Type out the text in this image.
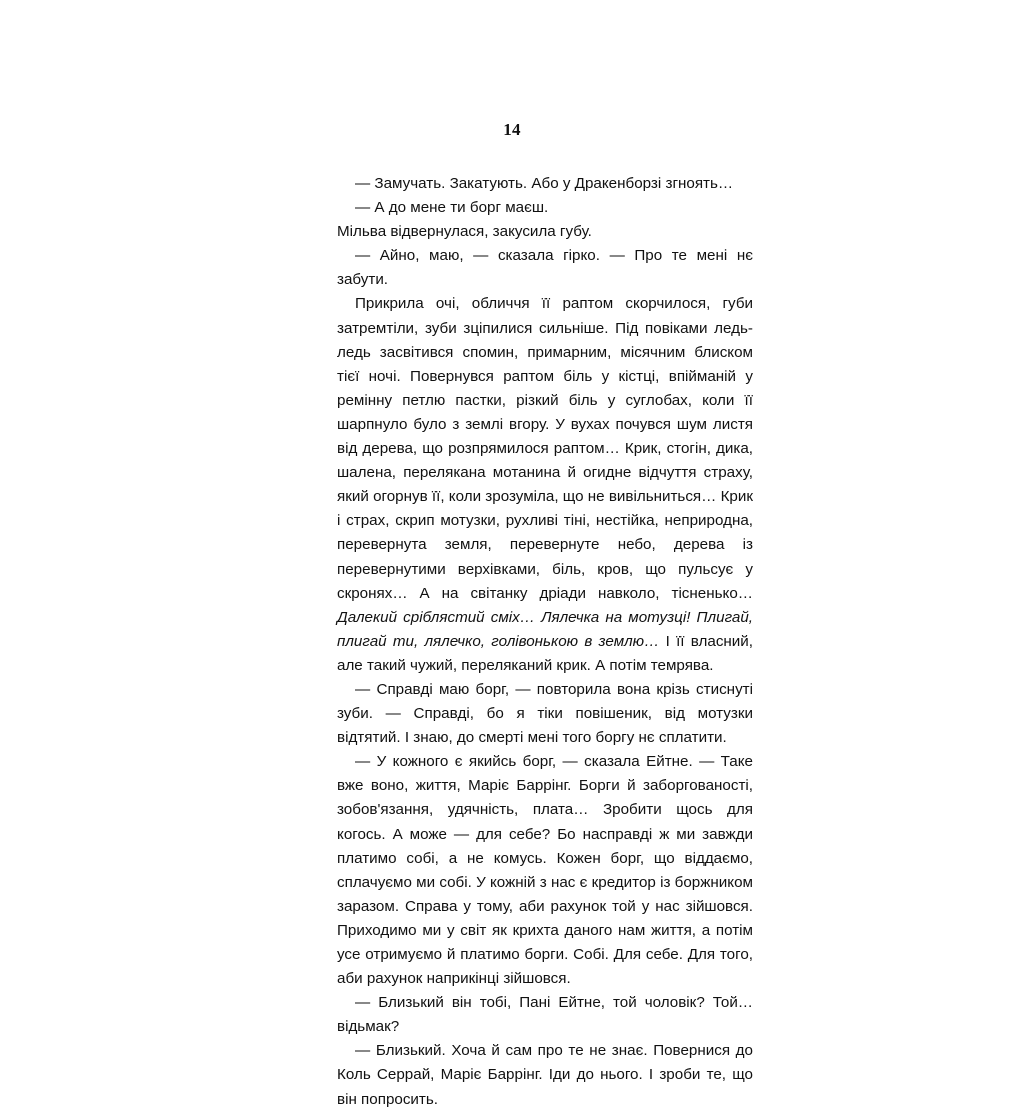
14

— Замучать. Закатують. Або у Дракенборзі згноять…

— А до мене ти борг маєш.

Мільва відвернулася, закусила губу.

— Айно, маю, — сказала гірко. — Про те мені нє забути.

Прикрила очі, обличчя її раптом скорчилося, губи затремтіли, зуби зціпилися сильніше. Під повіками ледь-ледь засвітився спомин, примарним, місячним блиском тієї ночі. Повернувся раптом біль у кістці, впійманій у ремінну петлю пастки, різкий біль у суглобах, коли її шарпнуло було з землі вгору. У вухах почувся шум листя від дерева, що розпрямилося раптом… Крик, стогін, дика, шалена, перелякана мотанина й огидне відчуття страху, який огорнув її, коли зрозуміла, що не вивільниться… Крик і страх, скрип мотузки, рухливі тіні, нестійка, неприродна, перевернута земля, перевернуте небо, дерева із перевернутими верхівками, біль, кров, що пульсує у скронях… А на світанку дріади навколо, тісненько… Далекий сріблястий сміх… Лялечка на мотузці! Плигай, плигай ти, лялечко, голівонькою в землю… І її власний, але такий чужий, переляканий крик. А потім темрява.

— Справді маю борг, — повторила вона крізь стиснуті зуби. — Справді, бо я тіки повішеник, від мотузки відтятий. І знаю, до смерті мені того боргу нє сплатити.

— У кожного є якийсь борг, — сказала Ейтне. — Таке вже воно, життя, Маріє Баррінг. Борги й заборгованості, зобов'язання, удячність, плата… Зробити щось для когось. А може — для себе? Бо насправді ж ми завжди платимо собі, а не комусь. Кожен борг, що віддаємо, сплачуємо ми собі. У кожній з нас є кредитор із боржником заразом. Справа у тому, аби рахунок той у нас зійшовся. Приходимо ми у світ як крихта даного нам життя, а потім усе отримуємо й платимо борги. Собі. Для себе. Для того, аби рахунок наприкінці зійшовся.

— Близький він тобі, Пані Ейтне, той чоловік? Той… відьмак?

— Близький. Хоча й сам про те не знає. Повернися до Коль Серрай, Маріє Баррінг. Іди до нього. І зроби те, що він попросить.
